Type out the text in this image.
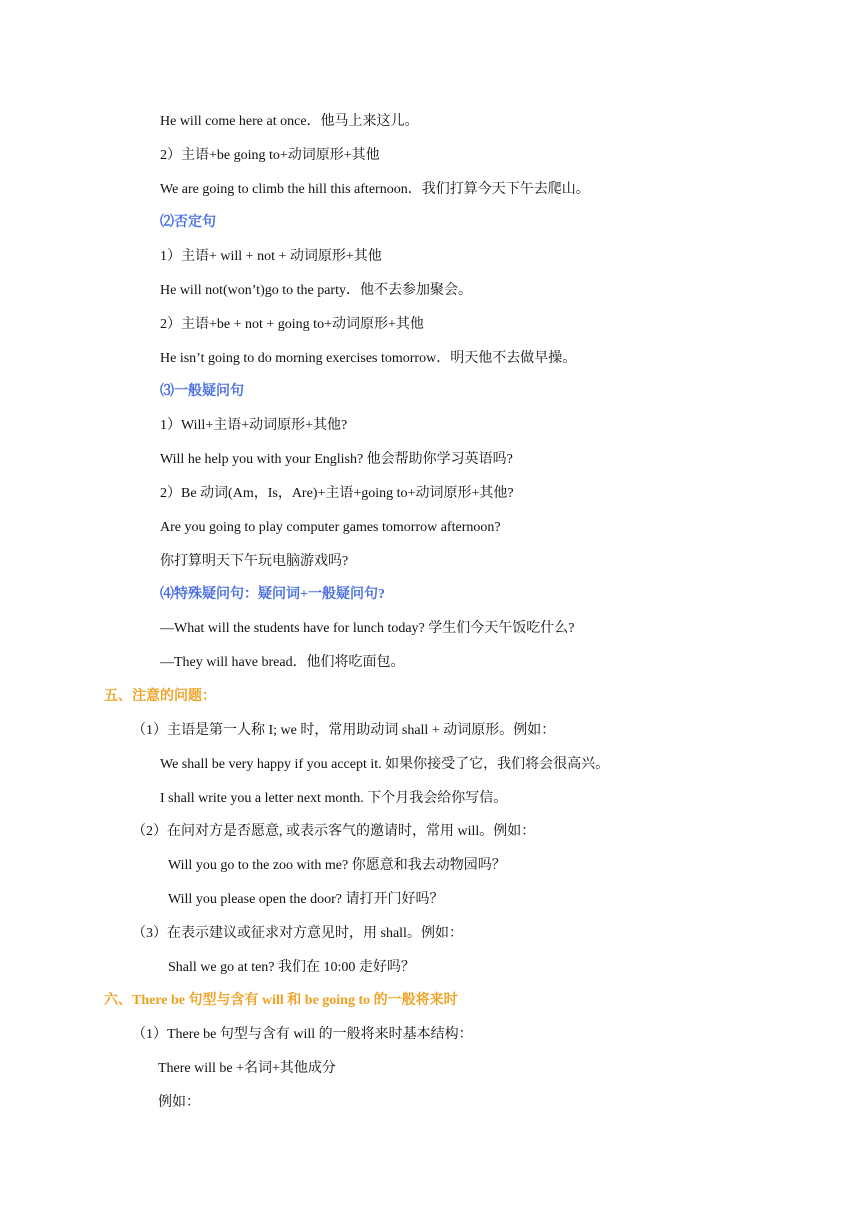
He will come here at once．他马上来这儿。
2）主语+be going to+动词原形+其他
We are going to climb the hill this afternoon．我们打算今天下午去爬山。
⑵否定句
1）主语+ will + not + 动词原形+其他
He will not(won’t)go to the party．他不去参加聚会。
2）主语+be + not + going to+动词原形+其他
He isn’t going to do morning exercises tomorrow．明天他不去做早操。
⑶一般疑问句
1）Will+主语+动词原形+其他?
Will he help you with your English? 他会帮助你学习英语吗?
2）Be 动词(Am，Is，Are)+主语+going to+动词原形+其他?
Are you going to play computer games tomorrow afternoon?
你打算明天下午玩电脑游戏吗?
⑷特殊疑问句：疑问词+一般疑问句?
—What will the students have for lunch today? 学生们今天午饭吃什么?
—They will have bread．他们将吃面包。
五、注意的问题：
（1）主语是第一人称 I; we 时，常用助动词 shall + 动词原形。例如：
We shall be very happy if you accept it. 如果你接受了它，我们将会很高兴。
I shall write you a letter next month. 下个月我会给你写信。
（2）在问对方是否愿意, 或表示客气的邀请时，常用 will。例如：
Will you go to the zoo with me? 你愿意和我去动物园吗？
Will you please open the door? 请打开门好吗？
（3）在表示建议或征求对方意见时，用 shall。例如：
Shall we go at ten? 我们在 10:00 走好吗？
六、There be 句型与含有 will 和 be going to 的一般将来时
（1）There be 句型与含有 will 的一般将来时基本结构：
There will be +名词+其他成分
例如：
